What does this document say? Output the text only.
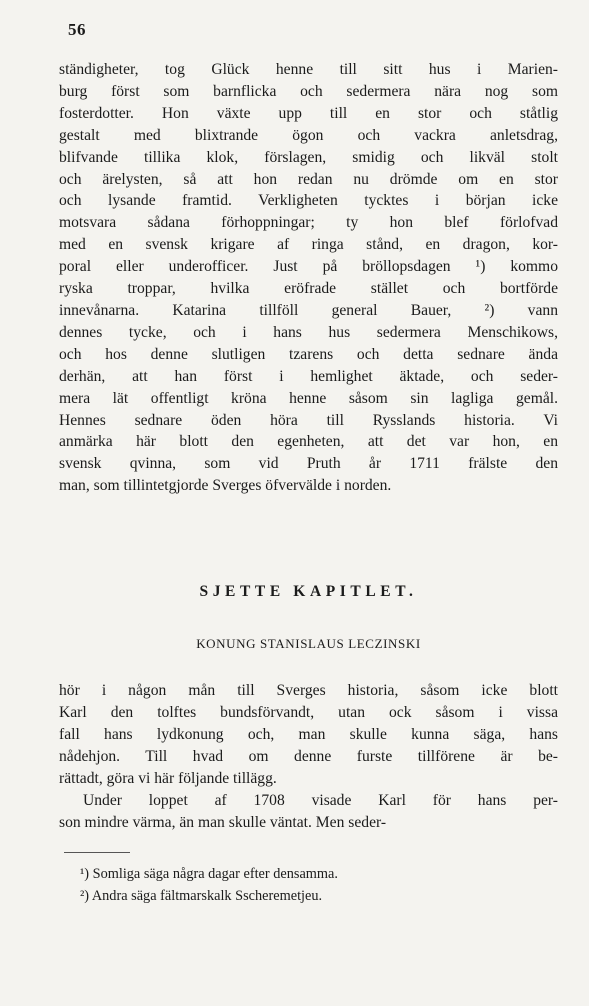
56
ständigheter, tog Glück henne till sitt hus i Marien-
burg först som barnflicka och sedermera nära nog som
fosterdotter. Hon växte upp till en stor och ståtlig
gestalt med blixtrande ögon och vackra anletsdrag,
blifvande tillika klok, förslagen, smidig och likväl stolt
och ärelysten, så att hon redan nu drömde om en stor
och lysande framtid. Verkligheten tycktes i början icke
motsvara sådana förhoppningar; ty hon blef förlofvad
med en svensk krigare af ringa stånd, en dragon, kor-
poral eller underofficer. Just på bröllopsdagen ¹) kommo
ryska troppar, hvilka eröfrade stället och bortförde
innevånarna. Katarina tillföll general Bauer, ²) vann
dennes tycke, och i hans hus sedermera Menschikows,
och hos denne slutligen tzarens och detta sednare ända
derhän, att han först i hemlighet äktade, och seder-
mera lät offentligt kröna henne såsom sin lagliga gemål.
Hennes sednare öden höra till Rysslands historia. Vi
anmärka här blott den egenheten, att det var hon, en
svensk qvinna, som vid Pruth år 1711 frälste den
man, som tillintetgjorde Sverges öfvervälde i norden.
SJETTE KAPITLET.
KONUNG STANISLAUS LECZINSKI
hör i någon mån till Sverges historia, såsom icke blott
Karl den tolftes bundsförvandt, utan ock såsom i vissa
fall hans lydkonung och, man skulle kunna säga, hans
nådehjon. Till hvad om denne furste tillförene är be-
rättadt, göra vi här följande tillägg.
Under loppet af 1708 visade Karl för hans per-
son mindre värma, än man skulle väntat. Men seder-
¹) Somliga säga några dagar efter densamma.
²) Andra säga fältmarskalk Sscheremetjeu.
